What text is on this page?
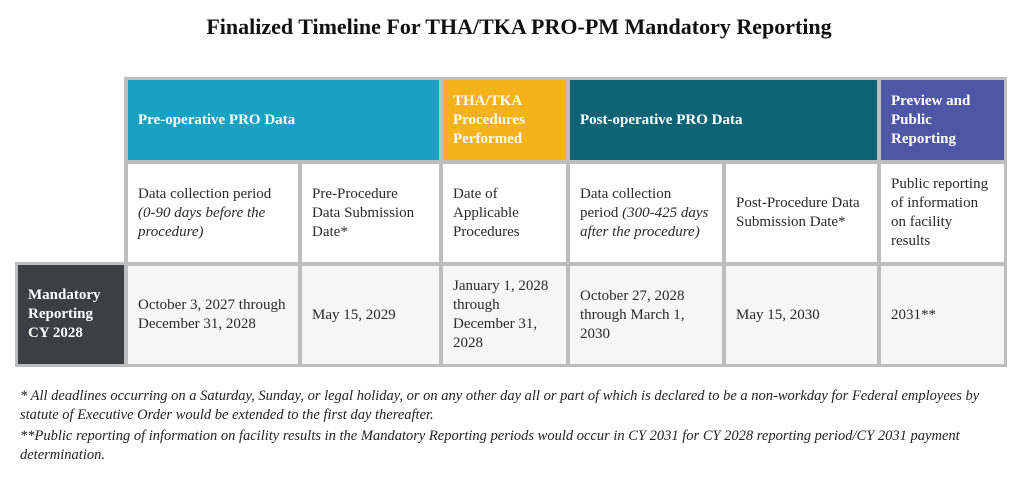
Finalized Timeline For THA/TKA PRO-PM Mandatory Reporting
Pre-operative PRO Data
THA/TKA Procedures Performed
Post-operative PRO Data
Preview and Public Reporting
Data collection period
(0-90 days before the procedure)
Pre-Procedure Data Submission Date*
Date of Applicable Procedures
Data collection period (300-425 days after the procedure)
Post-Procedure Data Submission Date*
Public reporting of information on facility results
Mandatory Reporting CY 2028
October 3, 2027 through December 31, 2028
May 15, 2029
January 1, 2028 through December 31, 2028
October 27, 2028 through March 1, 2030
May 15, 2030	2031**
* All deadlines occurring on a Saturday, Sunday, or legal holiday, or on any other day all or part of which is declared to be a non-workday for Federal employees by statute of Executive Order would be extended to the first day thereafter.
**Public reporting of information on facility results in the Mandatory Reporting periods would occur in CY 2031 for CY 2028 reporting period/CY 2031 payment determination.
